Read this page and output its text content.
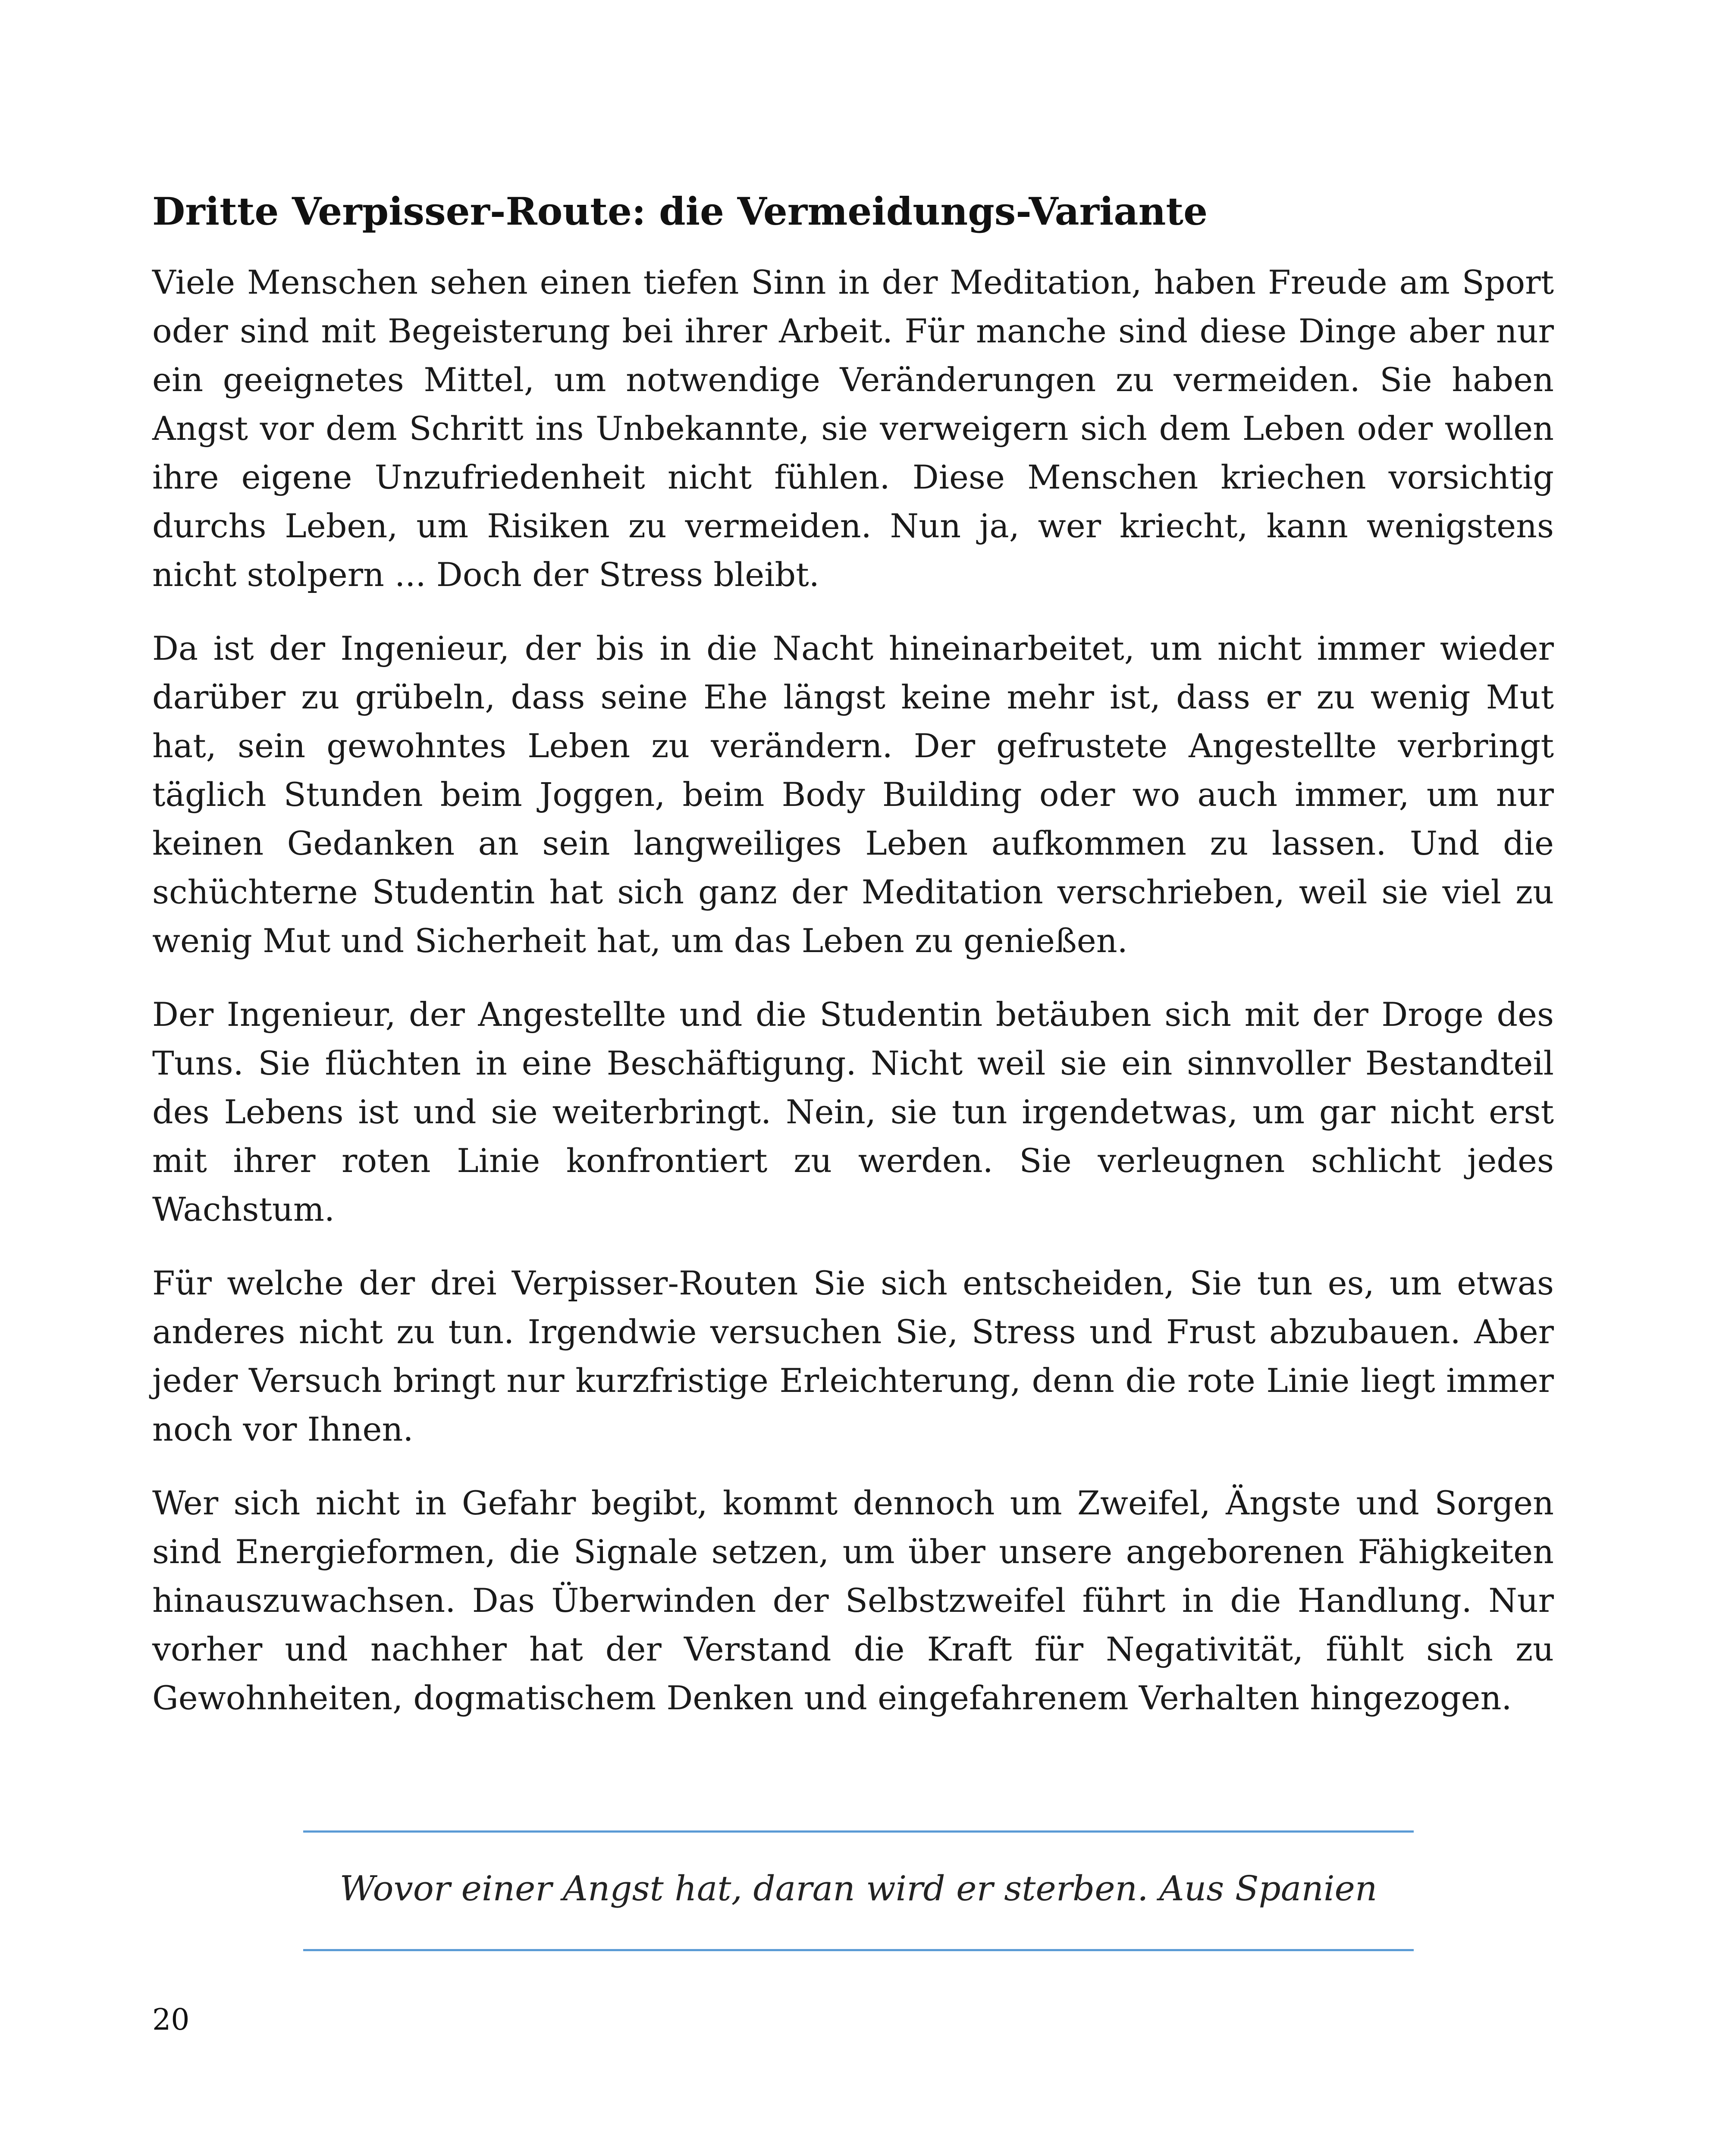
Dritte Verpisser-Route: die Vermeidungs-Variante

Viele Menschen sehen einen tiefen Sinn in der Meditation, haben Freude am Sport oder sind mit Begeisterung bei ihrer Arbeit. Für manche sind diese Dinge aber nur ein geeignetes Mittel, um notwendige Veränderungen zu vermeiden. Sie haben Angst vor dem Schritt ins Unbekannte, sie verweigern sich dem Leben oder wollen ihre eigene Unzufriedenheit nicht fühlen. Diese Menschen kriechen vorsichtig durchs Leben, um Risiken zu vermeiden. Nun ja, wer kriecht, kann wenigstens nicht stolpern ... Doch der Stress bleibt.

Da ist der Ingenieur, der bis in die Nacht hineinarbeitet, um nicht immer wieder darüber zu grübeln, dass seine Ehe längst keine mehr ist, dass er zu wenig Mut hat, sein gewohntes Leben zu verändern. Der gefrustete Angestellte verbringt täglich Stunden beim Joggen, beim Body Building oder wo auch immer, um nur keinen Gedanken an sein langweiliges Leben aufkommen zu lassen. Und die schüchterne Studentin hat sich ganz der Meditation verschrieben, weil sie viel zu wenig Mut und Sicherheit hat, um das Leben zu genießen.

Der Ingenieur, der Angestellte und die Studentin betäuben sich mit der Droge des Tuns. Sie flüchten in eine Beschäftigung. Nicht weil sie ein sinnvoller Bestandteil des Lebens ist und sie weiterbringt. Nein, sie tun irgendetwas, um gar nicht erst mit ihrer roten Linie konfrontiert zu werden. Sie verleugnen schlicht jedes Wachstum.

Für welche der drei Verpisser-Routen Sie sich entscheiden, Sie tun es, um etwas anderes nicht zu tun. Irgendwie versuchen Sie, Stress und Frust abzubauen. Aber jeder Versuch bringt nur kurzfristige Erleichterung, denn die rote Linie liegt immer noch vor Ihnen.

Wer sich nicht in Gefahr begibt, kommt dennoch um Zweifel, Ängste und Sorgen sind Energieformen, die Signale setzen, um über unsere angeborenen Fähigkeiten hinauszuwachsen. Das Überwinden der Selbstzweifel führt in die Handlung. Nur vorher und nachher hat der Verstand die Kraft für Negativität, fühlt sich zu Gewohnheiten, dogmatischem Denken und eingefahrenem Verhalten hingezogen.

Wovor einer Angst hat, daran wird er sterben. Aus Spanien
20
